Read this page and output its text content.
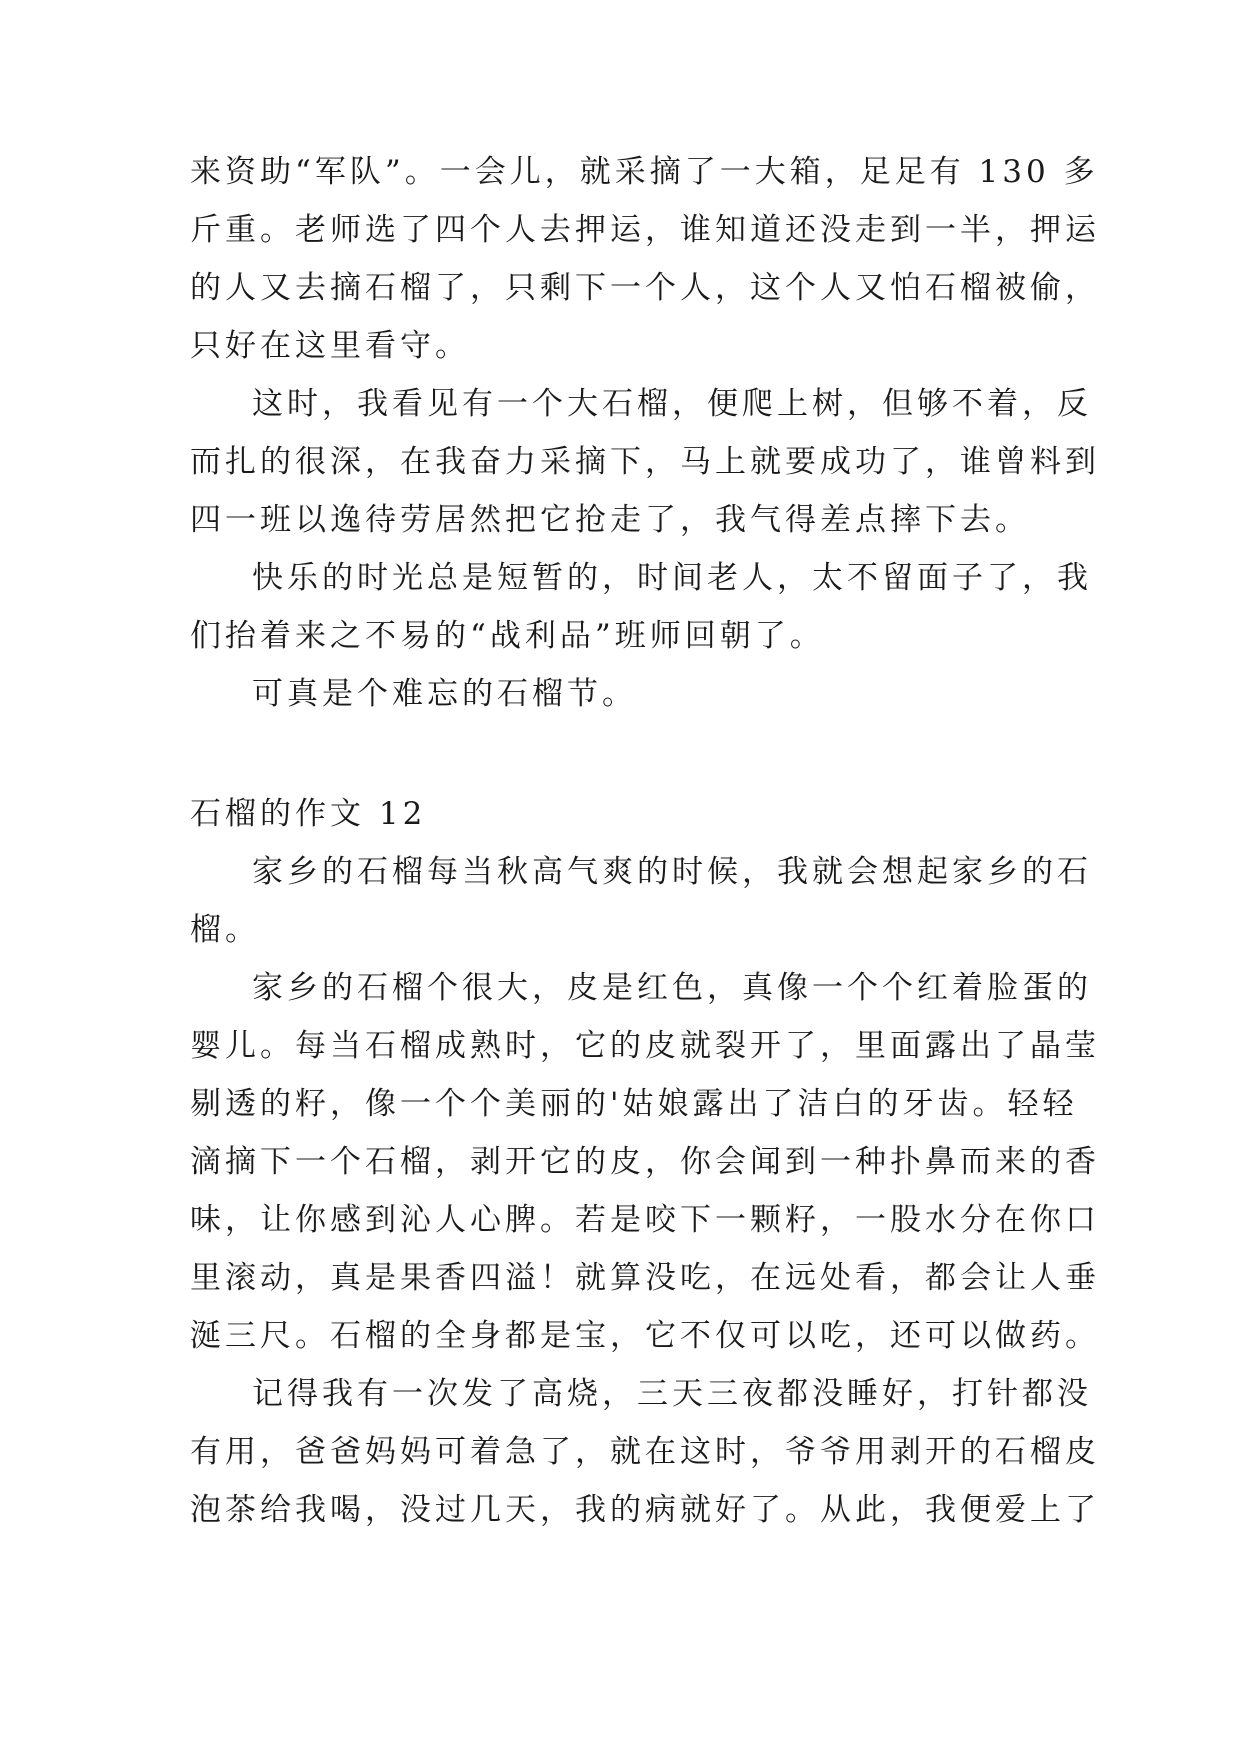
来资助“军队”。一会儿，就采摘了一大箱，足足有 130 多
斤重。老师选了四个人去押运，谁知道还没走到一半，押运
的人又去摘石榴了，只剩下一个人，这个人又怕石榴被偷，
只好在这里看守。
这时，我看见有一个大石榴，便爬上树，但够不着，反
而扎的很深，在我奋力采摘下，马上就要成功了，谁曾料到
四一班以逸待劳居然把它抢走了，我气得差点摔下去。
快乐的时光总是短暂的，时间老人，太不留面子了，我
们抬着来之不易的“战利品”班师回朝了。
可真是个难忘的石榴节。
石榴的作文 12
家乡的石榴每当秋高气爽的时候，我就会想起家乡的石
榴。
家乡的石榴个很大，皮是红色，真像一个个红着脸蛋的
婴儿。每当石榴成熟时，它的皮就裂开了，里面露出了晶莹
剔透的籽，像一个个美丽的'姑娘露出了洁白的牙齿。轻轻
滴摘下一个石榴，剥开它的皮，你会闻到一种扑鼻而来的香
味，让你感到沁人心脾。若是咬下一颗籽，一股水分在你口
里滚动，真是果香四溢！就算没吃，在远处看，都会让人垂
涎三尺。石榴的全身都是宝，它不仅可以吃，还可以做药。
记得我有一次发了高烧，三天三夜都没睡好，打针都没
有用，爸爸妈妈可着急了，就在这时，爷爷用剥开的石榴皮
泡茶给我喝，没过几天，我的病就好了。从此，我便爱上了
